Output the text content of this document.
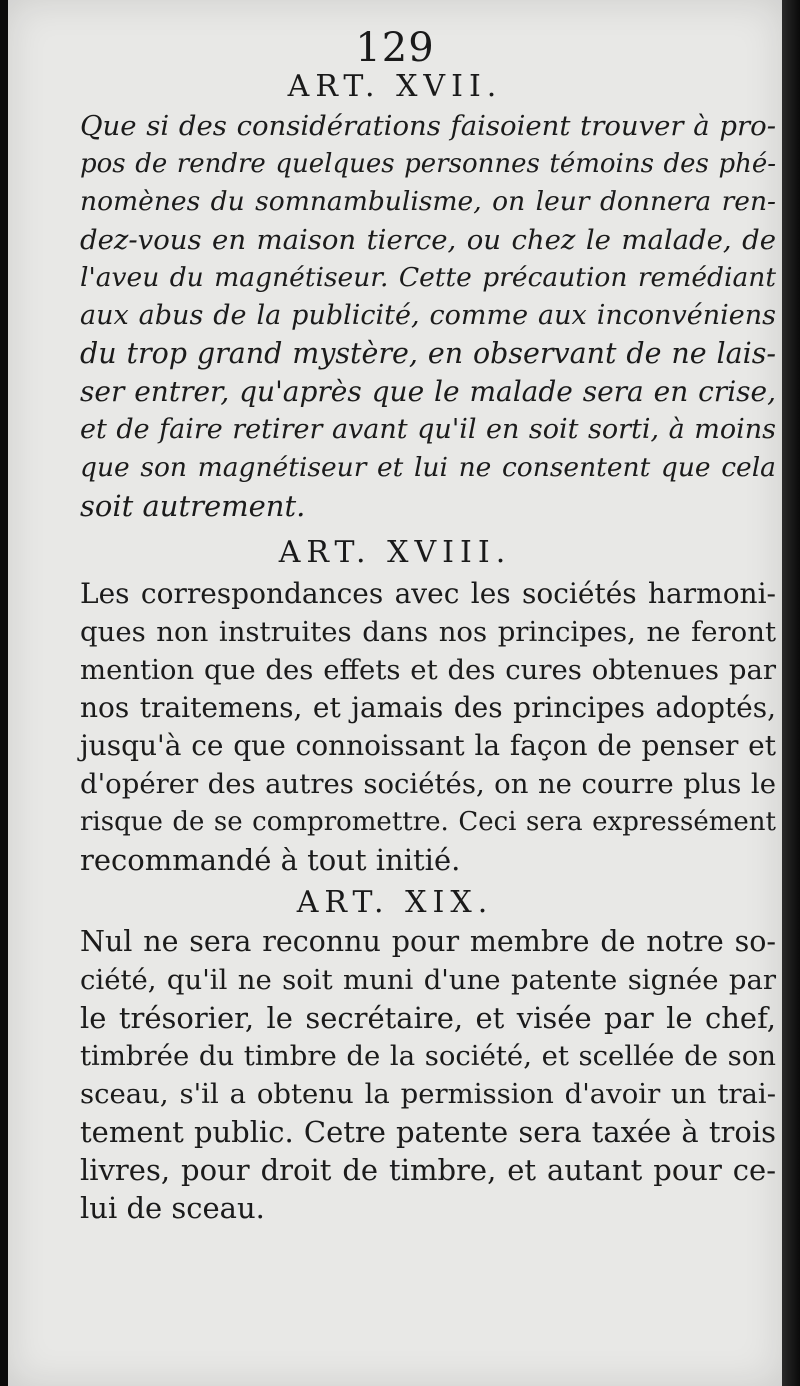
129
ART. XVII.
Que si des considérations faisoient trouver à pro-
pos de rendre quelques personnes témoins des phé-
nomènes du somnambulisme, on leur donnera ren-
dez-vous en maison tierce, ou chez le malade, de
l'aveu du magnétiseur. Cette précaution remédiant
aux abus de la publicité, comme aux inconvéniens
du trop grand mystère, en observant de ne lais-
ser entrer, qu'après que le malade sera en crise,
et de faire retirer avant qu'il en soit sorti, à moins
que son magnétiseur et lui ne consentent que cela
soit autrement.
ART. XVIII.
Les correspondances avec les sociétés harmoni-
ques non instruites dans nos principes, ne feront
mention que des effets et des cures obtenues par
nos traitemens, et jamais des principes adoptés,
jusqu'à ce que connoissant la façon de penser et
d'opérer des autres sociétés, on ne courre plus le
risque de se compromettre. Ceci sera expressément
recommandé à tout initié.
ART. XIX.
Nul ne sera reconnu pour membre de notre so-
ciété, qu'il ne soit muni d'une patente signée par
le trésorier, le secrétaire, et visée par le chef,
timbrée du timbre de la société, et scellée de son
sceau, s'il a obtenu la permission d'avoir un trai-
tement public. Cetre patente sera taxée à trois
livres, pour droit de timbre, et autant pour ce-
lui de sceau.
